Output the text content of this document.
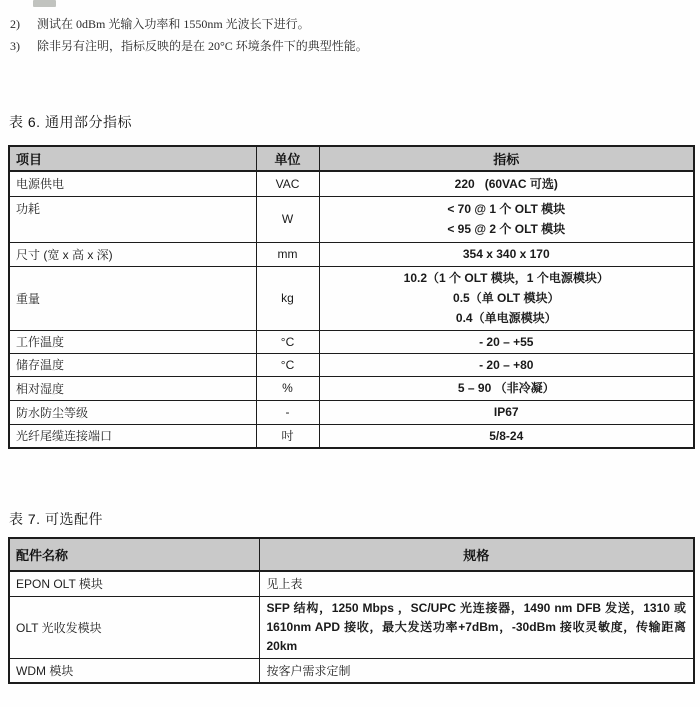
2)	测试在 0dBm 光输入功率和 1550nm 光波长下进行。
3)	除非另有注明，指标反映的是在 20°C 环境条件下的典型性能。
表 6. 通用部分指标
项目	单位	指标
电源供电	VAC	220   (60VAC 可选)

功耗	W	< 70 @ 1 个 OLT 模块
< 95 @ 2 个 OLT 模块

尺寸 (宽 x 高 x 深)	mm	354 x 340 x 170

重量	kg	10.2（1 个 OLT 模块，1 个电源模块）
0.5（单 OLT 模块）
0.4（单电源模块）

工作温度	°C	- 20 – +55

储存温度	°C	- 20 – +80

相对湿度	%	5 – 90 （非冷凝）

防水防尘等级	-	IP67

光纤尾缆连接端口	吋	5/8-24
表 7. 可选配件
配件名称	规格
EPON OLT 模块	见上表
OLT 光收发模块	SFP 结构，1250 Mbps ，SC/UPC 光连接器，1490 nm DFB 发送，1310 或 1610nm APD 接收，最大发送功率+7dBm，-30dBm 接收灵敏度，传输距离 20km
WDM 模块	按客户需求定制
